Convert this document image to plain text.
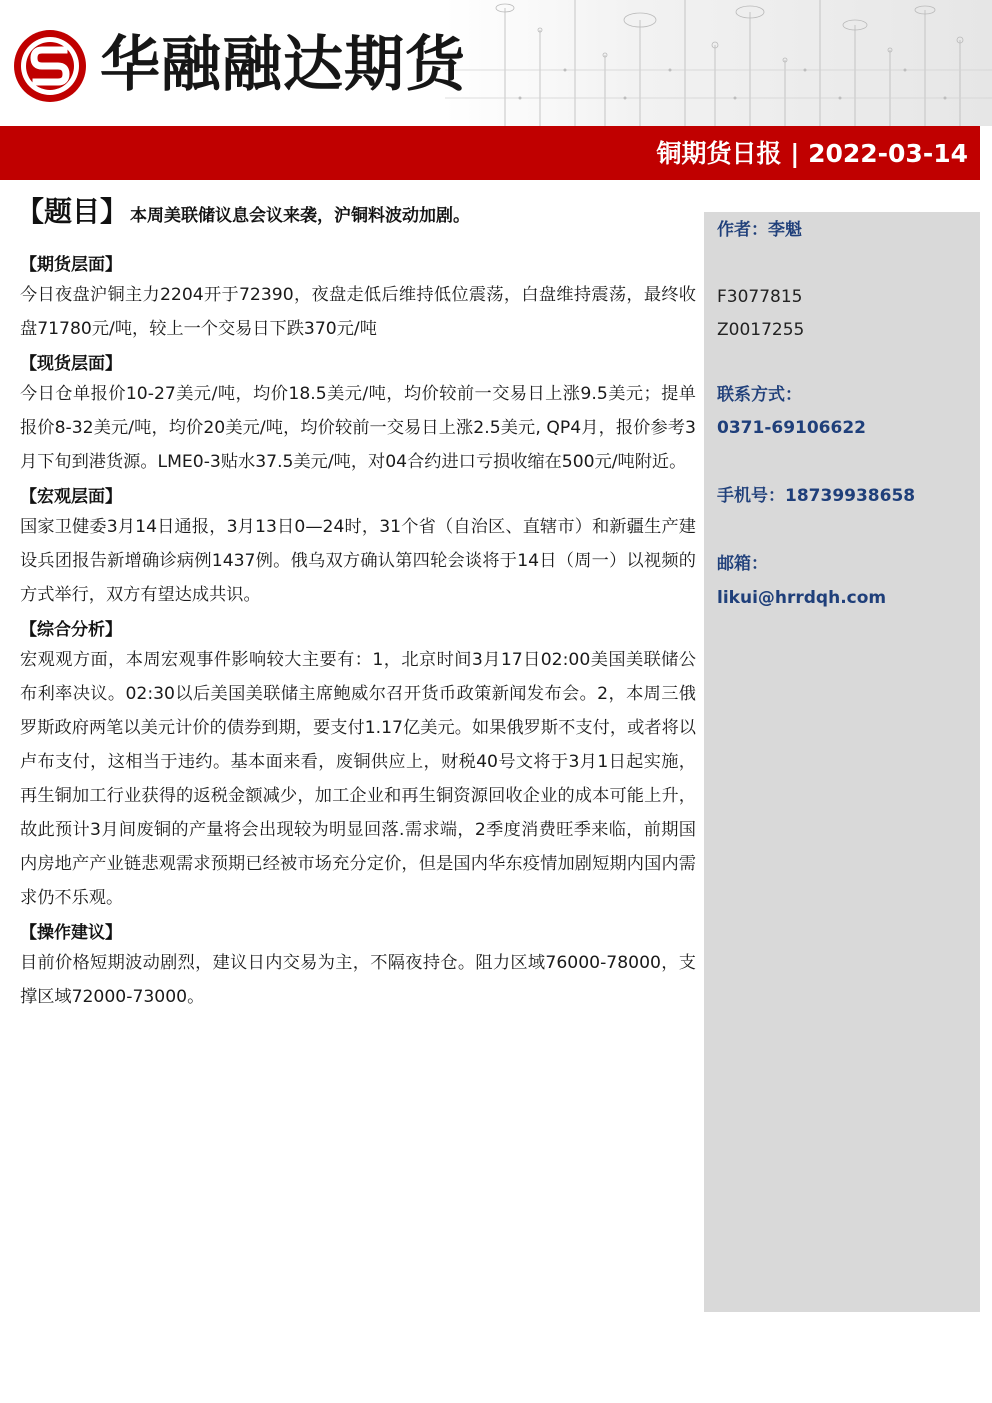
华融融达期货
铜期货日报 | 2022-03-14
作者：李魁
F3077815
Z0017255
联系方式：
0371-69106622
手机号：18739938658
邮箱：
likui@hrrdqh.com
【题目】 本周美联储议息会议来袭，沪铜料波动加剧。
【期货层面】

今日夜盘沪铜主力2204开于72390，夜盘走低后维持低位震荡，白盘维持震荡，最终收盘71780元/吨，较上一个交易日下跌370元/吨

【现货层面】

今日仓单报价10-27美元/吨，均价18.5美元/吨，均价较前一交易日上涨9.5美元；提单报价8-32美元/吨，均价20美元/吨，均价较前一交易日上涨2.5美元, QP4月，报价参考3月下旬到港货源。LME0-3贴水37.5美元/吨，对04合约进口亏损收缩在500元/吨附近。

【宏观层面】

国家卫健委3月14日通报，3月13日0—24时，31个省（自治区、直辖市）和新疆生产建设兵团报告新增确诊病例1437例。俄乌双方确认第四轮会谈将于14日（周一）以视频的方式举行，双方有望达成共识。

【综合分析】

宏观观方面，本周宏观事件影响较大主要有：1，北京时间3月17日02:00美国美联储公布利率决议。02:30以后美国美联储主席鲍威尔召开货币政策新闻发布会。2，本周三俄罗斯政府两笔以美元计价的债券到期，要支付1.17亿美元。如果俄罗斯不支付，或者将以卢布支付，这相当于违约。基本面来看，废铜供应上，财税40号文将于3月1日起实施，再生铜加工行业获得的返税金额减少，加工企业和再生铜资源回收企业的成本可能上升，故此预计3月间废铜的产量将会出现较为明显回落.需求端，2季度消费旺季来临，前期国内房地产产业链悲观需求预期已经被市场充分定价，但是国内华东疫情加剧短期内国内需求仍不乐观。

【操作建议】

目前价格短期波动剧烈，建议日内交易为主，不隔夜持仓。阻力区域76000-78000，支撑区域72000-73000。
